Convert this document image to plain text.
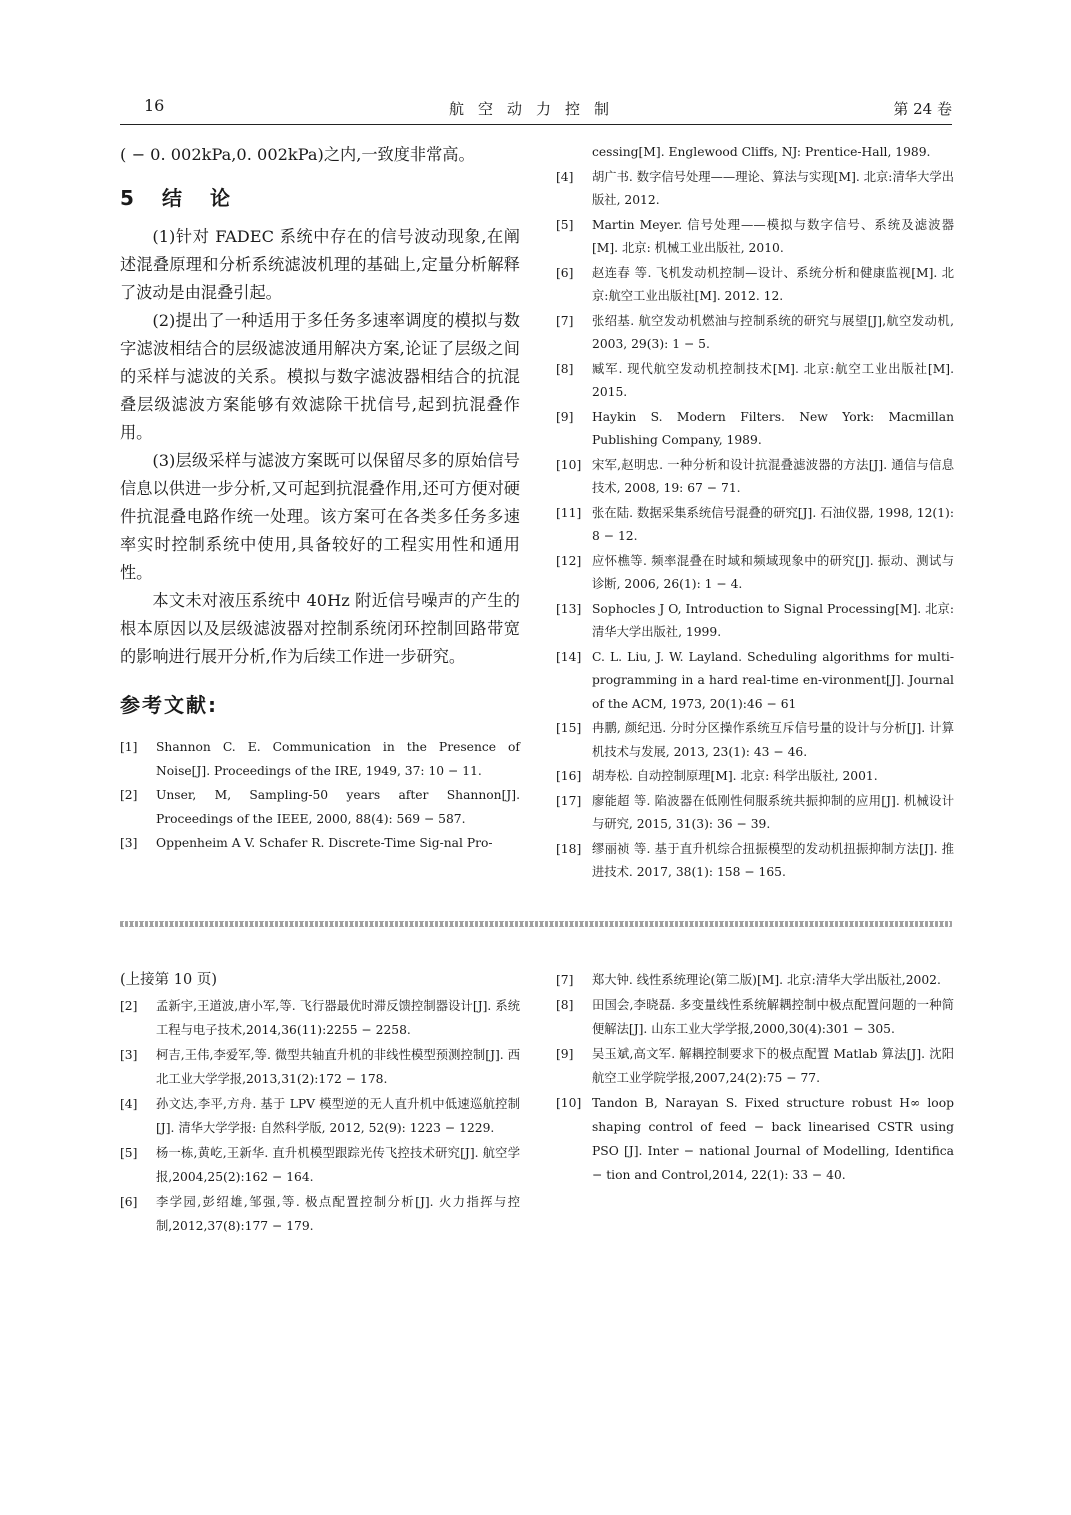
16	航空动力控制	第 24 卷

( − 0. 002kPa,0. 002kPa)之内,一致度非常高。

5 结论

(1)针对 FADEC 系统中存在的信号波动现象,在阐述混叠原理和分析系统滤波机理的基础上,定量分析解释了波动是由混叠引起。

(2)提出了一种适用于多任务多速率调度的模拟与数字滤波相结合的层级滤波通用解决方案,论证了层级之间的采样与滤波的关系。模拟与数字滤波器相结合的抗混叠层级滤波方案能够有效滤除干扰信号,起到抗混叠作用。

(3)层级采样与滤波方案既可以保留尽多的原始信号信息以供进一步分析,又可起到抗混叠作用,还可方便对硬件抗混叠电路作统一处理。该方案可在各类多任务多速率实时控制系统中使用,具备较好的工程实用性和通用性。

本文未对液压系统中 40Hz 附近信号噪声的产生的根本原因以及层级滤波器对控制系统闭环控制回路带宽的影响进行展开分析,作为后续工作进一步研究。

参考文献:
[1] Shannon C. E. Communication in the Presence of Noise[J]. Proceedings of the IRE, 1949, 37: 10 − 11.
[2] Unser, M, Sampling-50 years after Shannon[J]. Proceedings of the IEEE, 2000, 88(4): 569 − 587.
[3] Oppenheim A V. Schafer R. Discrete-Time Sig-nal Pro-
cessing[M]. Englewood Cliffs, NJ: Prentice-Hall, 1989.
[4] 胡广书. 数字信号处理——理论、算法与实现[M]. 北京:清华大学出版社, 2012.
[5] Martin Meyer. 信号处理——模拟与数字信号、系统及滤波器[M]. 北京: 机械工业出版社, 2010.
[6] 赵连春 等. 飞机发动机控制—设计、系统分析和健康监视[M]. 北京:航空工业出版社[M]. 2012. 12.
[7] 张绍基. 航空发动机燃油与控制系统的研究与展望[J],航空发动机, 2003, 29(3): 1 − 5.
[8] 臧军. 现代航空发动机控制技术[M]. 北京:航空工业出版社[M]. 2015.
[9] Haykin S. Modern Filters. New York: Macmillan Publishing Company, 1989.
[10] 宋军,赵明忠. 一种分析和设计抗混叠滤波器的方法[J]. 通信与信息技术, 2008, 19: 67 − 71.
[11] 张在陆. 数据采集系统信号混叠的研究[J]. 石油仪器, 1998, 12(1): 8 − 12.
[12] 应怀樵等. 频率混叠在时域和频域现象中的研究[J]. 振动、测试与诊断, 2006, 26(1): 1 − 4.
[13] Sophocles J O, Introduction to Signal Processing[M]. 北京: 清华大学出版社, 1999.
[14] C. L. Liu, J. W. Layland. Scheduling algorithms for multi-programming in a hard real-time en-vironment[J]. Journal of the ACM, 1973, 20(1):46 − 61
[15] 冉鹏, 颜纪迅. 分时分区操作系统互斥信号量的设计与分析[J]. 计算机技术与发展, 2013, 23(1): 43 − 46.
[16] 胡寿松. 自动控制原理[M]. 北京: 科学出版社, 2001.
[17] 廖能超 等. 陷波器在低刚性伺服系统共振抑制的应用[J]. 机械设计与研究, 2015, 31(3): 36 − 39.
[18] 缪丽祯 等. 基于直升机综合扭振模型的发动机扭振抑制方法[J]. 推进技术. 2017, 38(1): 158 − 165.
(上接第 10 页)
[2] 孟新宇,王道波,唐小军,等. 飞行器最优时滞反馈控制器设计[J]. 系统工程与电子技术,2014,36(11):2255 − 2258.
[3] 柯吉,王伟,李爱军,等. 微型共轴直升机的非线性模型预测控制[J]. 西北工业大学学报,2013,31(2):172 − 178.
[4] 孙文达,李平,方舟. 基于 LPV 模型逆的无人直升机中低速巡航控制[J]. 清华大学学报: 自然科学版, 2012, 52(9): 1223 − 1229.
[5] 杨一栋,黄屹,王新华. 直升机模型跟踪光传飞控技术研究[J]. 航空学报,2004,25(2):162 − 164.
[6] 李学园,彭绍雄,邹强,等. 极点配置控制分析[J]. 火力指挥与控制,2012,37(8):177 − 179.
[7] 郑大钟. 线性系统理论(第二版)[M]. 北京:清华大学出版社,2002.
[8] 田国会,李晓磊. 多变量线性系统解耦控制中极点配置问题的一种简便解法[J]. 山东工业大学学报,2000,30(4):301 − 305.
[9] 吴玉斌,高文军. 解耦控制要求下的极点配置 Matlab 算法[J]. 沈阳航空工业学院学报,2007,24(2):75 − 77.
[10] Tandon B, Narayan S. Fixed structure robust H∞ loop shaping control of feed − back linearised CSTR using PSO [J]. Inter − national Journal of Modelling, Identifica − tion and Control,2014, 22(1): 33 − 40.
